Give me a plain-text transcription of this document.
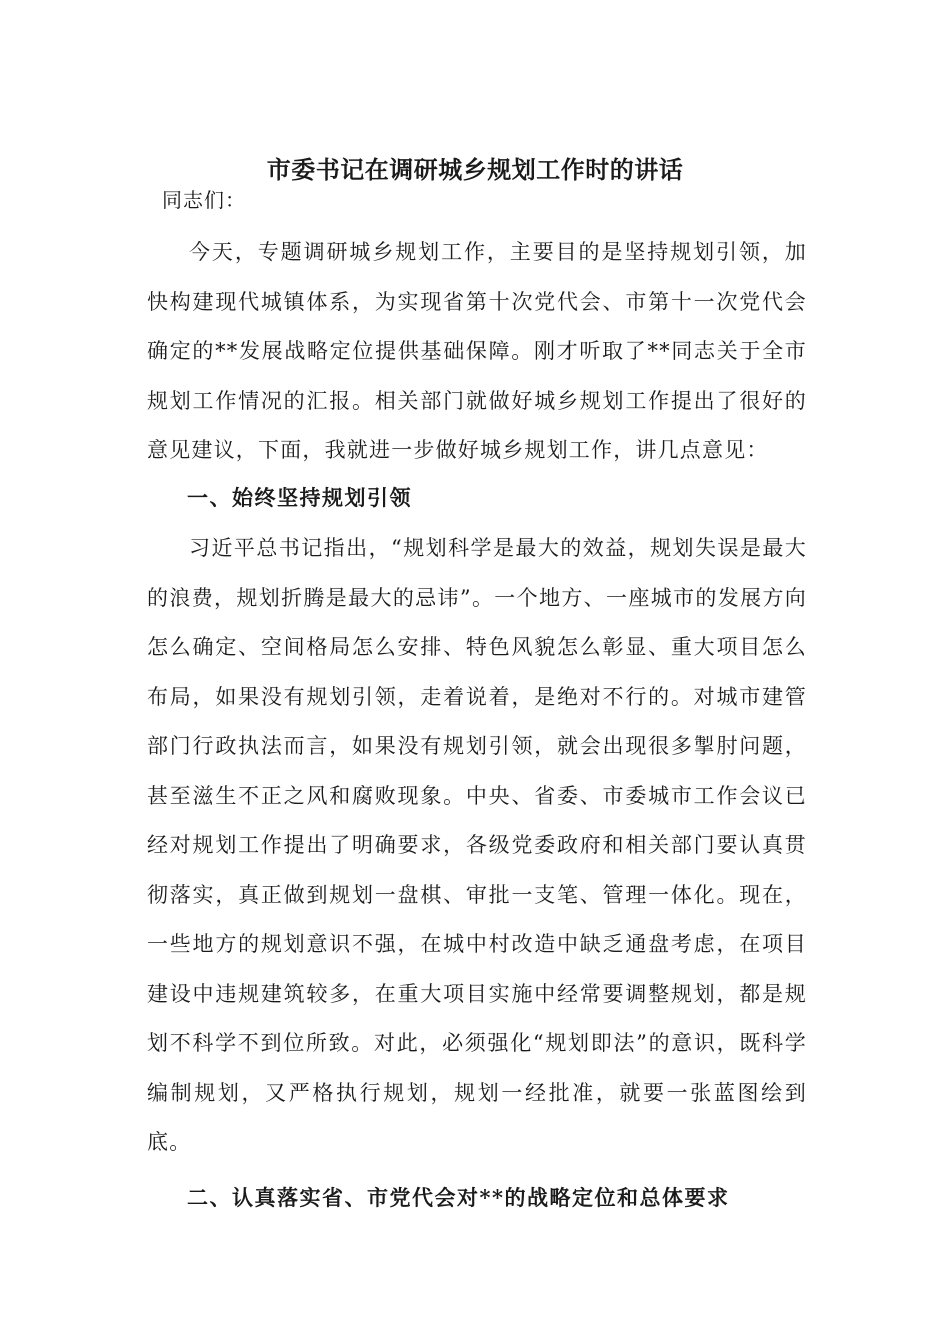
市委书记在调研城乡规划工作时的讲话
同志们：

今天，专题调研城乡规划工作，主要目的是坚持规划引领，加快构建现代城镇体系，为实现省第十次党代会、市第十一次党代会确定的**发展战略定位提供基础保障。刚才听取了**同志关于全市规划工作情况的汇报。相关部门就做好城乡规划工作提出了很好的意见建议，下面，我就进一步做好城乡规划工作，讲几点意见：

一、始终坚持规划引领

习近平总书记指出，“规划科学是最大的效益，规划失误是最大的浪费，规划折腾是最大的忌讳”。一个地方、一座城市的发展方向怎么确定、空间格局怎么安排、特色风貌怎么彰显、重大项目怎么布局，如果没有规划引领，走着说着，是绝对不行的。对城市建管部门行政执法而言，如果没有规划引领，就会出现很多掣肘问题，甚至滋生不正之风和腐败现象。中央、省委、市委城市工作会议已经对规划工作提出了明确要求，各级党委政府和相关部门要认真贯彻落实，真正做到规划一盘棋、审批一支笔、管理一体化。现在，一些地方的规划意识不强，在城中村改造中缺乏通盘考虑，在项目建设中违规建筑较多，在重大项目实施中经常要调整规划，都是规划不科学不到位所致。对此，必须强化“规划即法”的意识，既科学编制规划，又严格执行规划，规划一经批准，就要一张蓝图绘到底。

二、认真落实省、市党代会对**的战略定位和总体要求
